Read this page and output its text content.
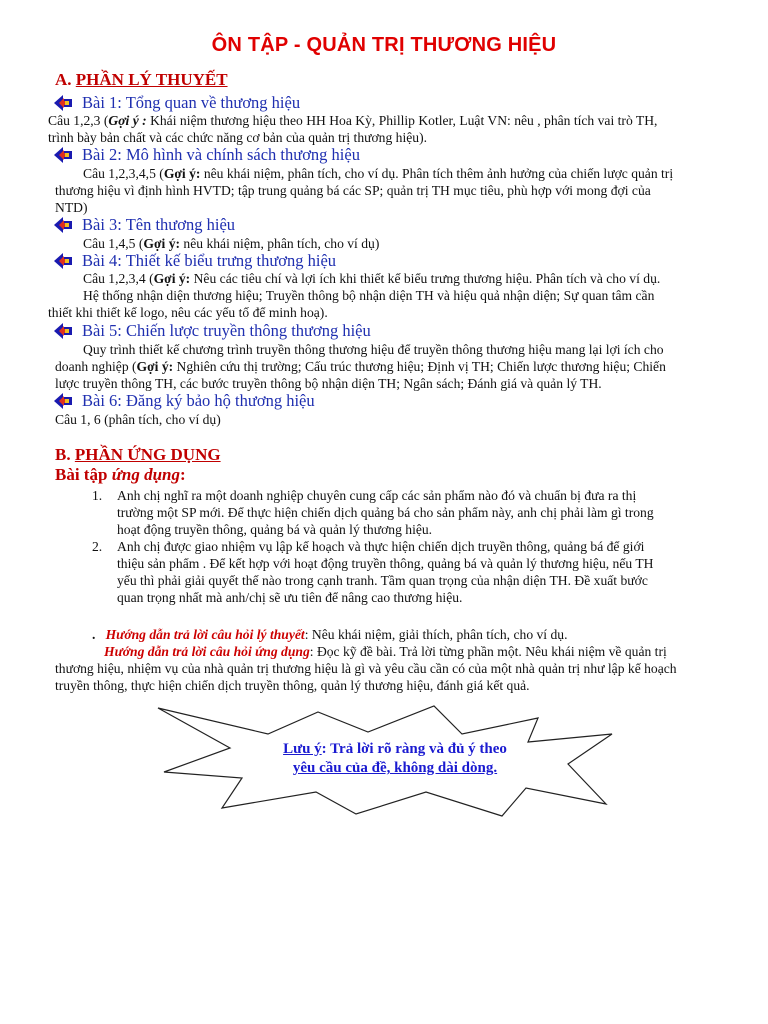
ÔN TẬP - QUẢN TRỊ THƯƠNG HIỆU
A. PHẦN LÝ THUYẾT
Bài 1: Tổng quan về thương hiệu
Câu 1,2,3 (Gợi ý : Khái niệm thương hiệu theo HH Hoa Kỳ, Phillip Kotler, Luật VN: nêu , phân tích vai trò TH,
trình bày bản chất và các chức năng cơ bản của quản trị thương hiệu).
Bài 2: Mô hình và chính sách thương hiệu
Câu 1,2,3,4,5 (Gợi ý: nêu khái niệm, phân tích, cho ví dụ. Phân tích thêm ảnh hưởng của chiến lược quản trị
thương hiệu vì định hình HVTD; tập trung quảng bá các SP; quản trị TH mục tiêu, phù hợp với mong đợi của
NTD)
Bài 3: Tên thương hiệu
Câu 1,4,5 (Gợi ý: nêu khái niệm, phân tích, cho ví dụ)
Bài 4: Thiết kế biểu trưng thương hiệu
Câu 1,2,3,4 (Gợi ý: Nêu các tiêu chí và lợi ích khi thiết kế biểu trưng thương hiệu. Phân tích và cho ví dụ.
Hệ thống nhận diện thương hiệu; Truyền thông bộ nhận diện TH và hiệu quả nhận diện; Sự quan tâm cần
thiết khi thiết kế logo, nêu các yếu tố để minh hoạ).
Bài 5: Chiến lược truyền thông thương hiệu
Quy trình thiết kế chương trình truyền thông thương hiệu để truyền thông thương hiệu mang lại lợi ích cho
doanh nghiệp (Gợi ý: Nghiên cứu thị trường; Cấu trúc thương hiệu; Định vị TH; Chiến lược thương hiệu; Chiến
lược truyền thông TH, các bước truyền thông bộ nhận diện TH; Ngân sách; Đánh giá và quản lý TH.
Bài 6: Đăng ký bảo hộ thương hiệu
Câu 1, 6 (phân tích, cho ví dụ)
B. PHẦN ỨNG DỤNG
Bài tập ứng dụng:
1. Anh chị nghĩ ra một doanh nghiệp chuyên cung cấp các sản phẩm nào đó và chuẩn bị đưa ra thị
trường một SP mới. Để thực hiện chiến dịch quảng bá cho sản phẩm này, anh chị phải làm gì trong
hoạt động truyền thông, quảng bá và quản lý thương hiệu.
2. Anh chị được giao nhiệm vụ lập kế hoạch và thực hiện chiến dịch truyền thông, quảng bá để giới
thiệu sản phẩm . Để kết hợp với hoạt động truyền thông, quảng bá và quản lý thương hiệu, nếu TH
yếu thì phải giải quyết thế nào trong cạnh tranh. Tầm quan trọng của nhận diện TH. Đề xuất bước
quan trọng nhất mà anh/chị sẽ ưu tiên để nâng cao thương hiệu.
. Hướng dẫn trả lời câu hỏi lý thuyết: Nêu khái niệm, giải thích, phân tích, cho ví dụ.
Hướng dẫn trả lời câu hỏi ứng dụng: Đọc kỹ đề bài. Trả lời từng phần một. Nêu khái niệm về quản trị
thương hiệu, nhiệm vụ của nhà quản trị thương hiệu là gì và yêu cầu cần có của một nhà quản trị như lập kế hoạch
truyền thông, thực hiện chiến dịch truyền thông, quản lý thương hiệu, đánh giá kết quả.
Lưu ý: Trả lời rõ ràng và đủ ý theo
yêu cầu của đề, không dài dòng.
